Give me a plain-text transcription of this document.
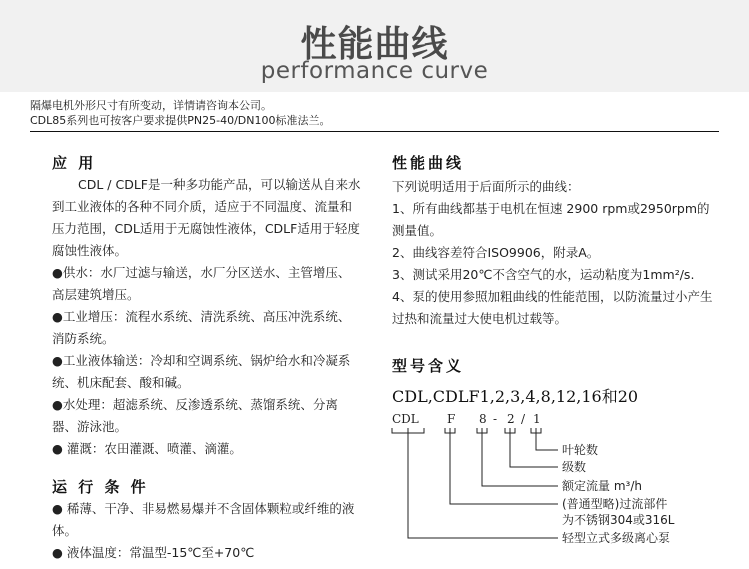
性能曲线
performance curve
隔爆电机外形尺寸有所变动，详情请咨询本公司。
CDL85系列也可按客户要求提供PN25-40/DN100标准法兰。
应 用

CDL / CDLF是一种多功能产品，可以输送从自来水到工业液体的各种不同介质，适应于不同温度、流量和压力范围，CDL适用于无腐蚀性液体，CDLF适用于轻度腐蚀性液体。

●供水：水厂过滤与输送，水厂分区送水、主管增压、高层建筑增压。

●工业增压：流程水系统、清洗系统、高压冲洗系统、消防系统。

●工业液体输送：冷却和空调系统、锅炉给水和冷凝系统、机床配套、酸和碱。

●水处理：超滤系统、反渗透系统、蒸馏系统、分离器、游泳池。

● 灌溉：农田灌溉、喷灌、滴灌。

运 行 条 件

● 稀薄、干净、非易燃易爆并不含固体颗粒或纤维的液体。

● 液体温度：常温型-15℃至+70℃

性能曲线

下列说明适用于后面所示的曲线：

1、所有曲线都基于电机在恒速 2900 rpm或2950rpm的测量值。

2、曲线容差符合ISO9906，附录A。

3、测试采用20℃不含空气的水，运动粘度为1mm²/s.

4、泵的使用参照加粗曲线的性能范围，以防流量过小产生过热和流量过大使电机过载等。

型号含义
CDL,CDLF1,2,3,4,8,12,16和20
CDL F 8 - 2 / 1
叶轮数
级数
额定流量 m³/h
(普通型略)过流部件
为不锈钢304或316L
轻型立式多级离心泵
